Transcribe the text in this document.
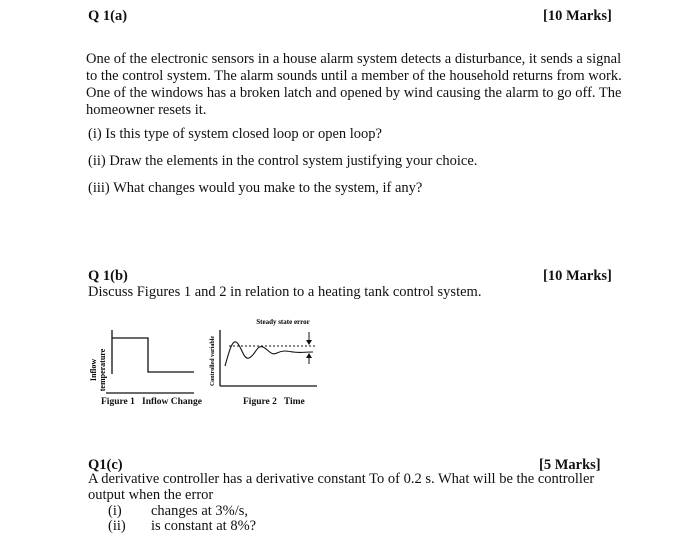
Q 1(a)	[10 Marks]
One of the electronic sensors in a house alarm system detects a disturbance, it sends a signal to the control system. The alarm sounds until a member of the household returns from work. One of the windows has a broken latch and opened by wind causing the alarm to go off. The homeowner resets it.
(i) Is this type of system closed loop or open loop?
(ii) Draw the elements in the control system justifying your choice.
(iii) What changes would you make to the system, if any?
Q 1(b)	[10 Marks]
Discuss Figures 1 and 2 in relation to a heating tank control system.
Inflow temperature
Figure 1 Inflow Change
Steady state error
Controlled variable
Figure 2 Time
Q1(c)	[5 Marks]
A derivative controller has a derivative constant To of 0.2 s. What will be the controller
output when the error
(i) changes at 3%/s,
(ii) is constant at 8%?
